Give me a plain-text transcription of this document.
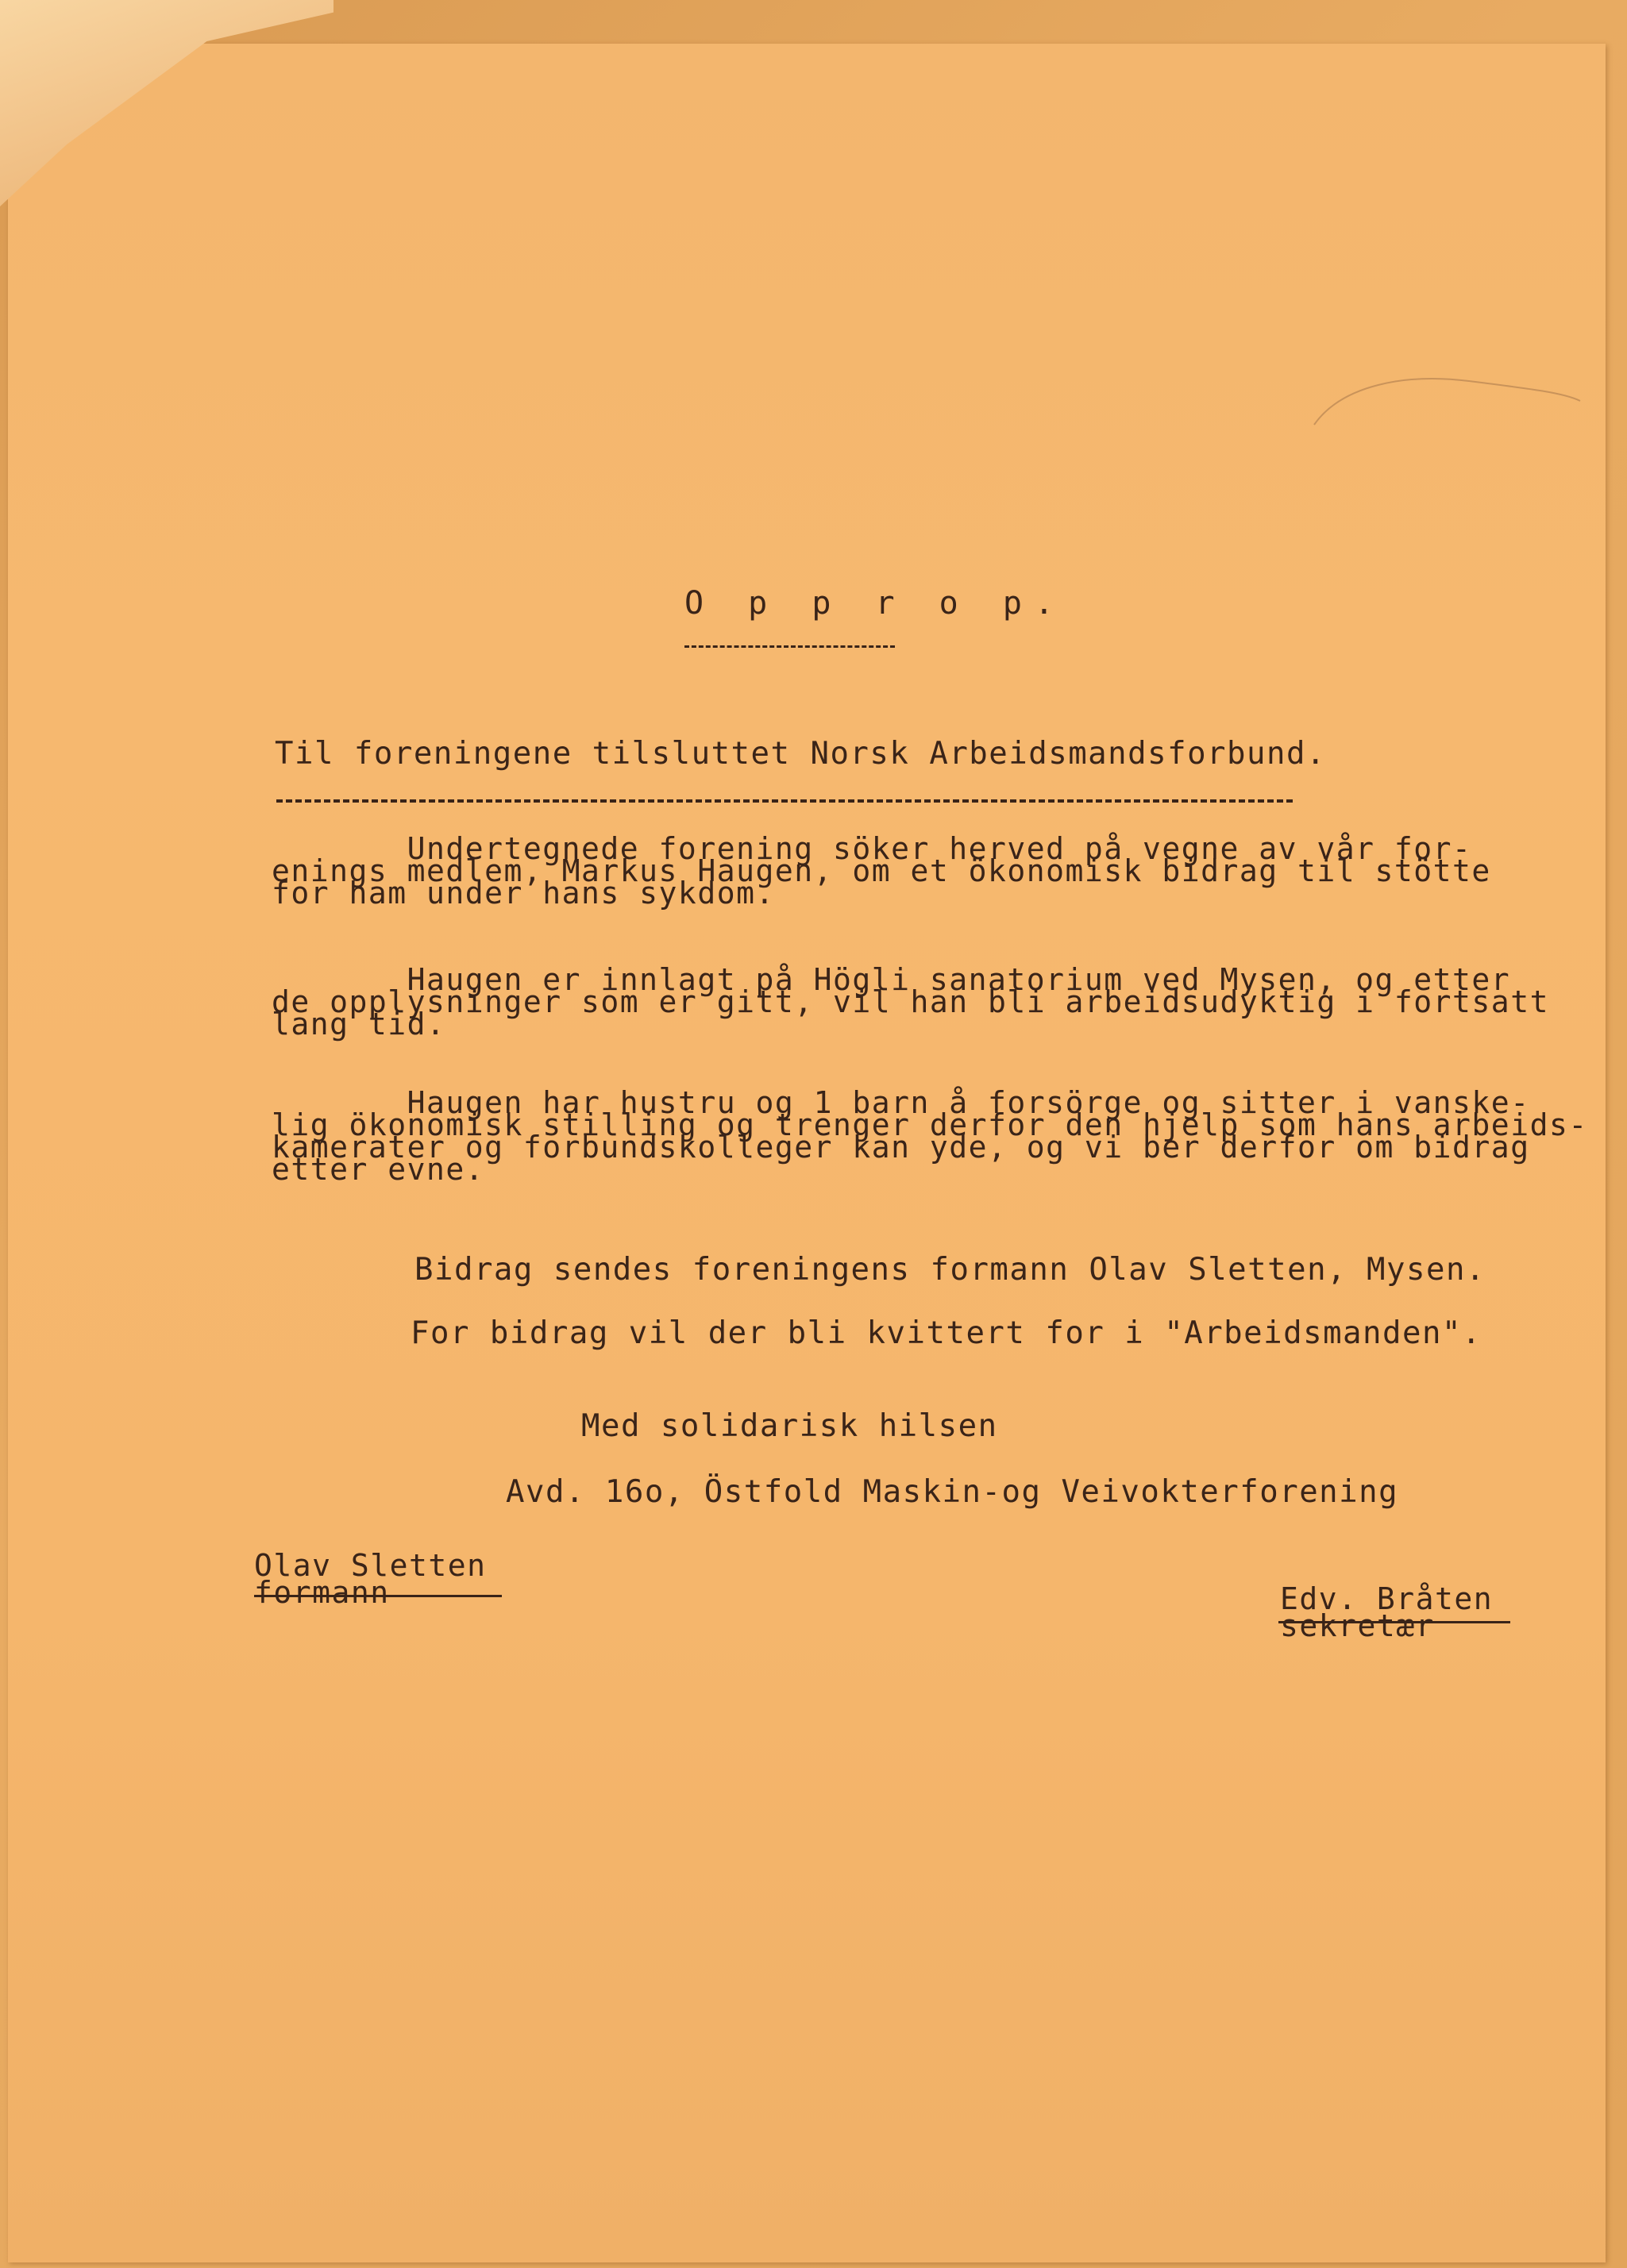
O p p r o p.
Til foreningene tilsluttet Norsk Arbeidsmandsforbund.
Undertegnede forening söker herved på vegne av vår for-
enings medlem, Markus Haugen, om et ökonomisk bidrag til stötte
for ham under hans sykdom.
Haugen er innlagt på Högli sanatorium ved Mysen, og etter
de opplysninger som er gitt, vil han bli arbeidsudyktig i fortsatt
lang tid.
Haugen har hustru og 1 barn å forsörge og sitter i vanske-
lig ökonomisk stilling og trenger derfor den hjelp som hans arbeids-
kamerater og forbundskolleger kan yde, og vi ber derfor om bidrag
etter evne.
Bidrag sendes foreningens formann Olav Sletten, Mysen.
For bidrag vil der bli kvittert for i "Arbeidsmanden".
Med solidarisk hilsen
Avd. 16o, Östfold Maskin-og Veivokterforening
Olav Sletten
formann	Edv. Bråten
sekretær
